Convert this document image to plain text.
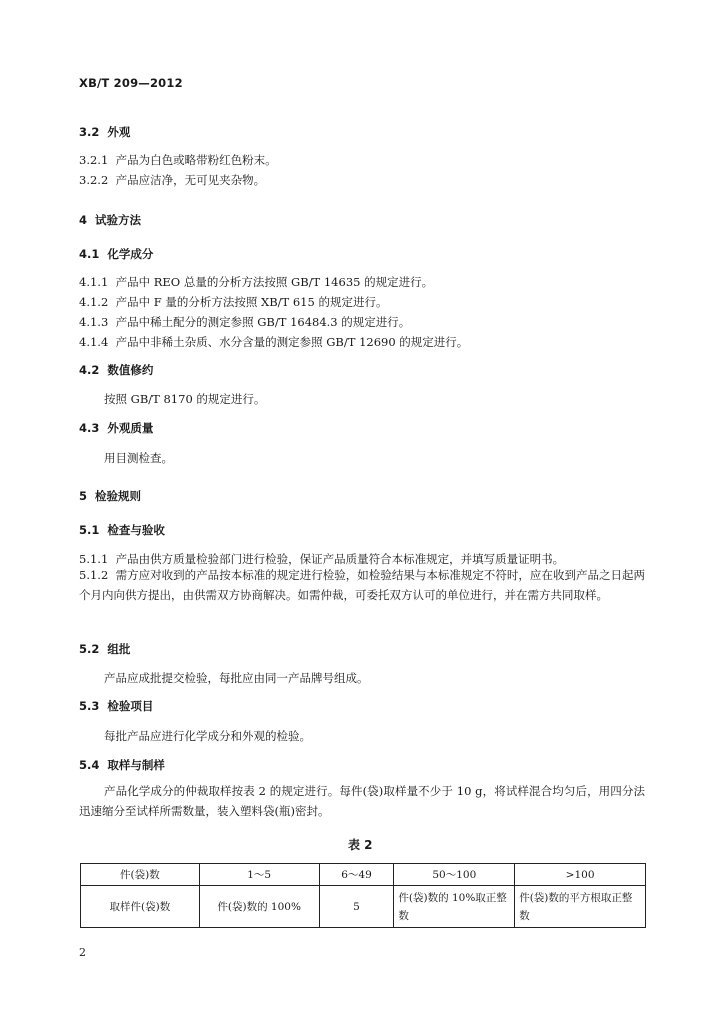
XB/T 209—2012
3.2 外观
3.2.1 产品为白色或略带粉红色粉末。
3.2.2 产品应洁净，无可见夹杂物。
4 试验方法
4.1 化学成分
4.1.1 产品中 REO 总量的分析方法按照 GB/T 14635 的规定进行。
4.1.2 产品中 F 量的分析方法按照 XB/T 615 的规定进行。
4.1.3 产品中稀土配分的测定参照 GB/T 16484.3 的规定进行。
4.1.4 产品中非稀土杂质、水分含量的测定参照 GB/T 12690 的规定进行。
4.2 数值修约
按照 GB/T 8170 的规定进行。
4.3 外观质量
用目测检查。
5 检验规则
5.1 检查与验收
5.1.1 产品由供方质量检验部门进行检验，保证产品质量符合本标准规定，并填写质量证明书。
5.1.2 需方应对收到的产品按本标准的规定进行检验，如检验结果与本标准规定不符时，应在收到产品之日起两个月内向供方提出，由供需双方协商解决。如需仲裁，可委托双方认可的单位进行，并在需方共同取样。
5.2 组批
产品应成批提交检验，每批应由同一产品牌号组成。
5.3 检验项目
每批产品应进行化学成分和外观的检验。
5.4 取样与制样
产品化学成分的仲裁取样按表 2 的规定进行。每件(袋)取样量不少于 10 g，将试样混合均匀后，用四分法迅速缩分至试样所需数量，装入塑料袋(瓶)密封。
表 2
件(袋)数	1～5	6～49	50～100	>100
取样件(袋)数	件(袋)数的 100%	5	件(袋)数的 10%取正整数	件(袋)数的平方根取正整数
2
